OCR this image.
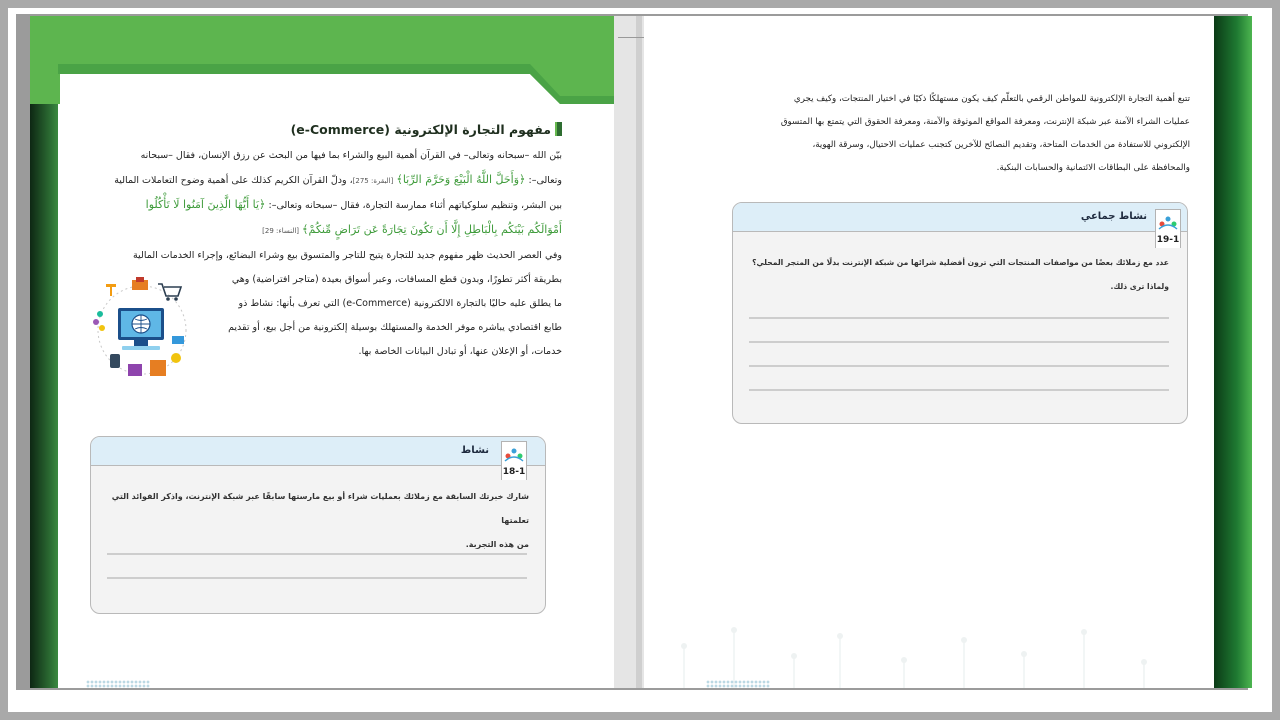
مفهوم التجارة الإلكترونية (e-Commerce)

بيّن الله –سبحانه وتعالى– في القرآن أهمية البيع والشراء بما فيها من البحث عن رزق الإنسان، فقال –سبحانه

وتعالى–: ﴿وَأَحَلَّ اللَّهُ الْبَيْعَ وَحَرَّمَ الرِّبَا﴾ [البقرة: 275]، ودلّ القرآن الكريم كذلك على أهمية وضوح التعاملات المالية

بين البشر، وتنظيم سلوكياتهم أثناء ممارسة التجارة، فقال –سبحانه وتعالى–: ﴿يَا أَيُّهَا الَّذِينَ آمَنُوا لَا تَأْكُلُوا

أَمْوَالَكُم بَيْنَكُم بِالْبَاطِلِ إِلَّا أَن تَكُونَ تِجَارَةً عَن تَرَاضٍ مِّنكُمْ﴾ [النساء: 29]

وفي العصر الحديث ظهر مفهوم جديد للتجارة يتيح للتاجر والمتسوق بيع وشراء البضائع، وإجراء الخدمات المالية

بطريقة أكثر تطورًا، وبدون قطع المسافات، وعبر أسواق بعيدة (متاجر افتراضية) وهي

ما يطلق عليه حاليًا بالتجارة الالكترونية (e-Commerce) التي تعرف بأنها: نشاط ذو

طابع اقتصادي يباشره موفر الخدمة والمستهلك بوسيلة إلكترونية من أجل بيع، أو تقديم

خدمات، أو الإعلان عنها، أو تبادل البيانات الخاصة بها.

نشاط
18-1
شارك خبرتك السابقة مع زملائك بعمليات شراء أو بيع مارستها سابقًا عبر شبكة الإنترنت، واذكر الفوائد التي تعلمتها
من هذه التجربة.

تتبع أهمية التجارة الإلكترونية للمواطن الرقمي بالتعلّم كيف يكون مستهلكًا ذكيًا في اختيار المنتجات، وكيف يجري

عمليات الشراء الآمنة عبر شبكة الإنترنت، ومعرفة المواقع الموثوقة والآمنة، ومعرفة الحقوق التي يتمتع بها المتسوق

الإلكتروني للاستفادة من الخدمات المتاحة، وتقديم النصائح للآخرين كتجنب عمليات الاحتيال، وسرقة الهوية،

والمحافظة على البطاقات الائتمانية والحسابات البنكية.

نشاط جماعي
19-1
عدد مع زملائك بعضًا من مواصفات المنتجات التي ترون أفضلية شرائها من شبكة الإنترنت بدلًا من المتجر المحلي؟
ولماذا ترى ذلك.
